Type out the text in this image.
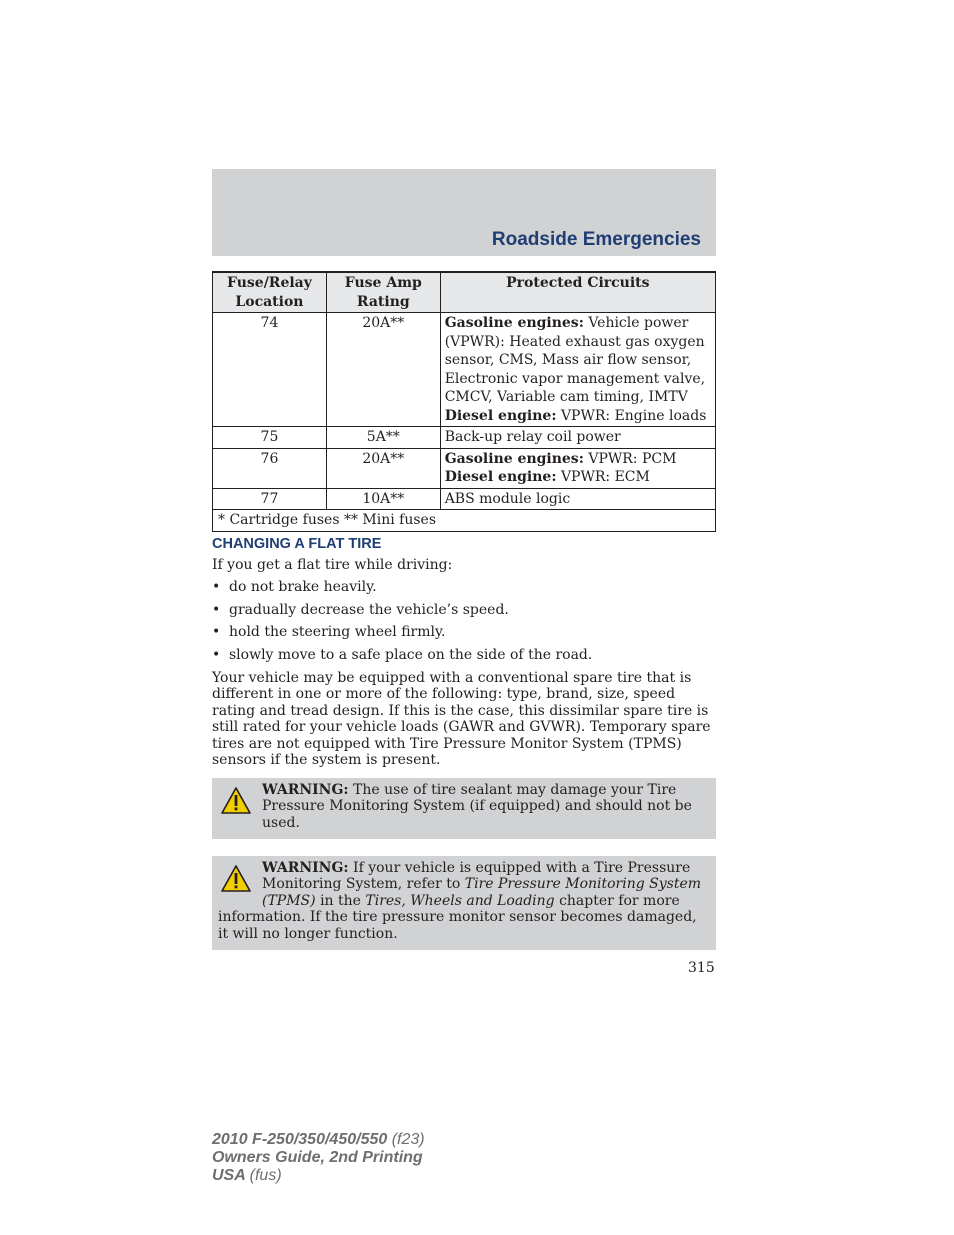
Roadside Emergencies
Fuse/Relay Location	Fuse Amp Rating	Protected Circuits
74	20A**	Gasoline engines: Vehicle power (VPWR): Heated exhaust gas oxygen sensor, CMS, Mass air flow sensor, Electronic vapor management valve, CMCV, Variable cam timing, IMTV
Diesel engine: VPWR: Engine loads
75	5A**	Back-up relay coil power
76	20A**	Gasoline engines: VPWR: PCM
Diesel engine: VPWR: ECM
77	10A**	ABS module logic
* Cartridge fuses ** Mini fuses		
CHANGING A FLAT TIRE
If you get a flat tire while driving:
• do not brake heavily.
• gradually decrease the vehicle’s speed.
• hold the steering wheel firmly.
• slowly move to a safe place on the side of the road.

Your vehicle may be equipped with a conventional spare tire that is different in one or more of the following: type, brand, size, speed rating and tread design. If this is the case, this dissimilar spare tire is still rated for your vehicle loads (GAWR and GVWR). Temporary spare tires are not equipped with Tire Pressure Monitor System (TPMS) sensors if the system is present.

WARNING: The use of tire sealant may damage your Tire Pressure Monitoring System (if equipped) and should not be used.
WARNING: If your vehicle is equipped with a Tire Pressure Monitoring System, refer to Tire Pressure Monitoring System (TPMS) in the Tires, Wheels and Loading chapter for more information. If the tire pressure monitor sensor becomes damaged, it will no longer function.
315
2010 F-250/350/450/550 (f23)
Owners Guide, 2nd Printing
USA (fus)
